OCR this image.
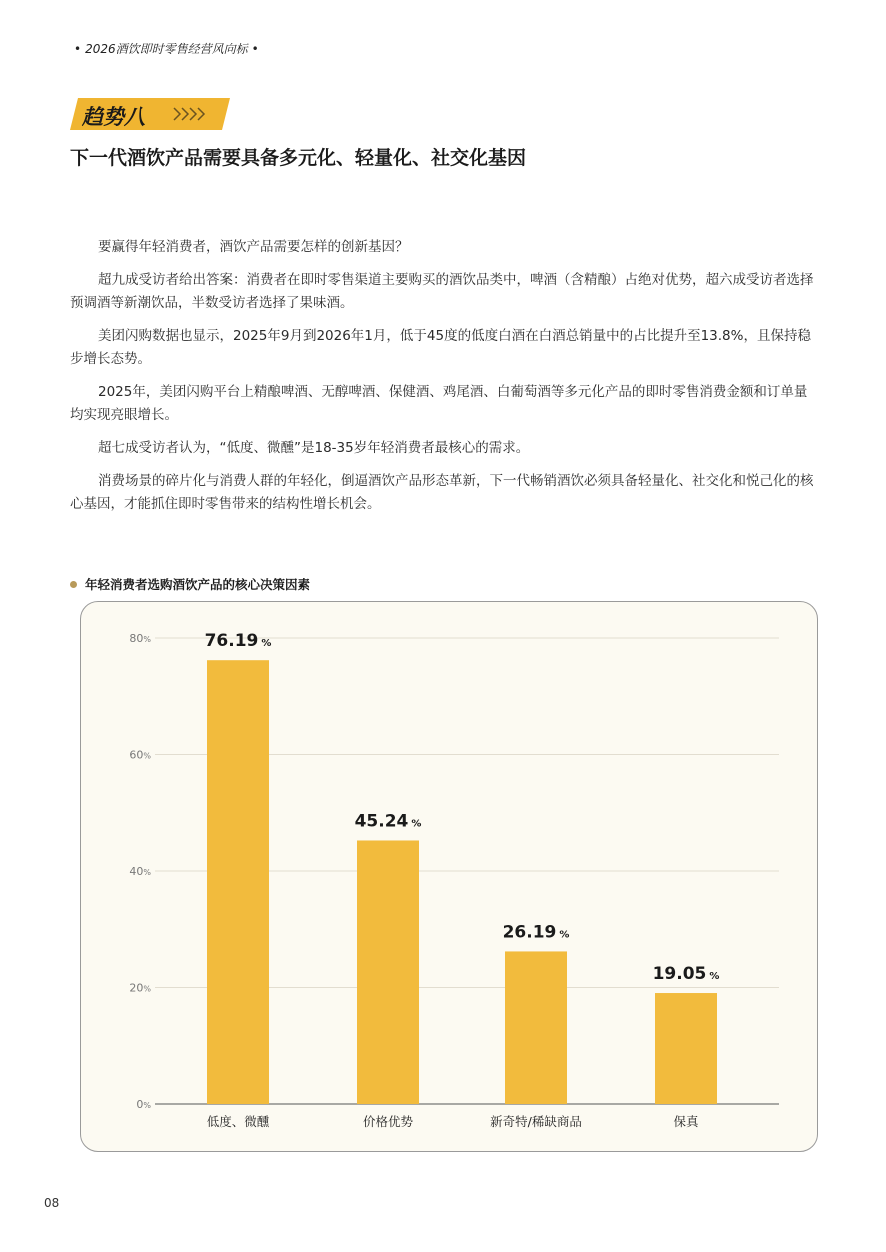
• 2026酒饮即时零售经营风向标 •
趋势八
下一代酒饮产品需要具备多元化、轻量化、社交化基因

要赢得年轻消费者，酒饮产品需要怎样的创新基因？

超九成受访者给出答案：消费者在即时零售渠道主要购买的酒饮品类中，啤酒（含精酿）占绝对优势，超六成受访者选择预调酒等新潮饮品，半数受访者选择了果味酒。

美团闪购数据也显示，2025年9月到2026年1月，低于45度的低度白酒在白酒总销量中的占比提升至13.8%，且保持稳步增长态势。

2025年，美团闪购平台上精酿啤酒、无醇啤酒、保健酒、鸡尾酒、白葡萄酒等多元化产品的即时零售消费金额和订单量均实现亮眼增长。

超七成受访者认为，“低度、微醺”是18-35岁年轻消费者最核心的需求。

消费场景的碎片化与消费人群的年轻化，倒逼酒饮产品形态革新，下一代畅销酒饮必须具备轻量化、社交化和悦己化的核心基因，才能抓住即时零售带来的结构性增长机会。

年轻消费者选购酒饮产品的核心决策因素
0%
20%
40%
60%
80%	76.19 %
低度、微醺
45.24 %
价格优势
26.19 %
新奇特/稀缺商品
19.05 %
保真
08
